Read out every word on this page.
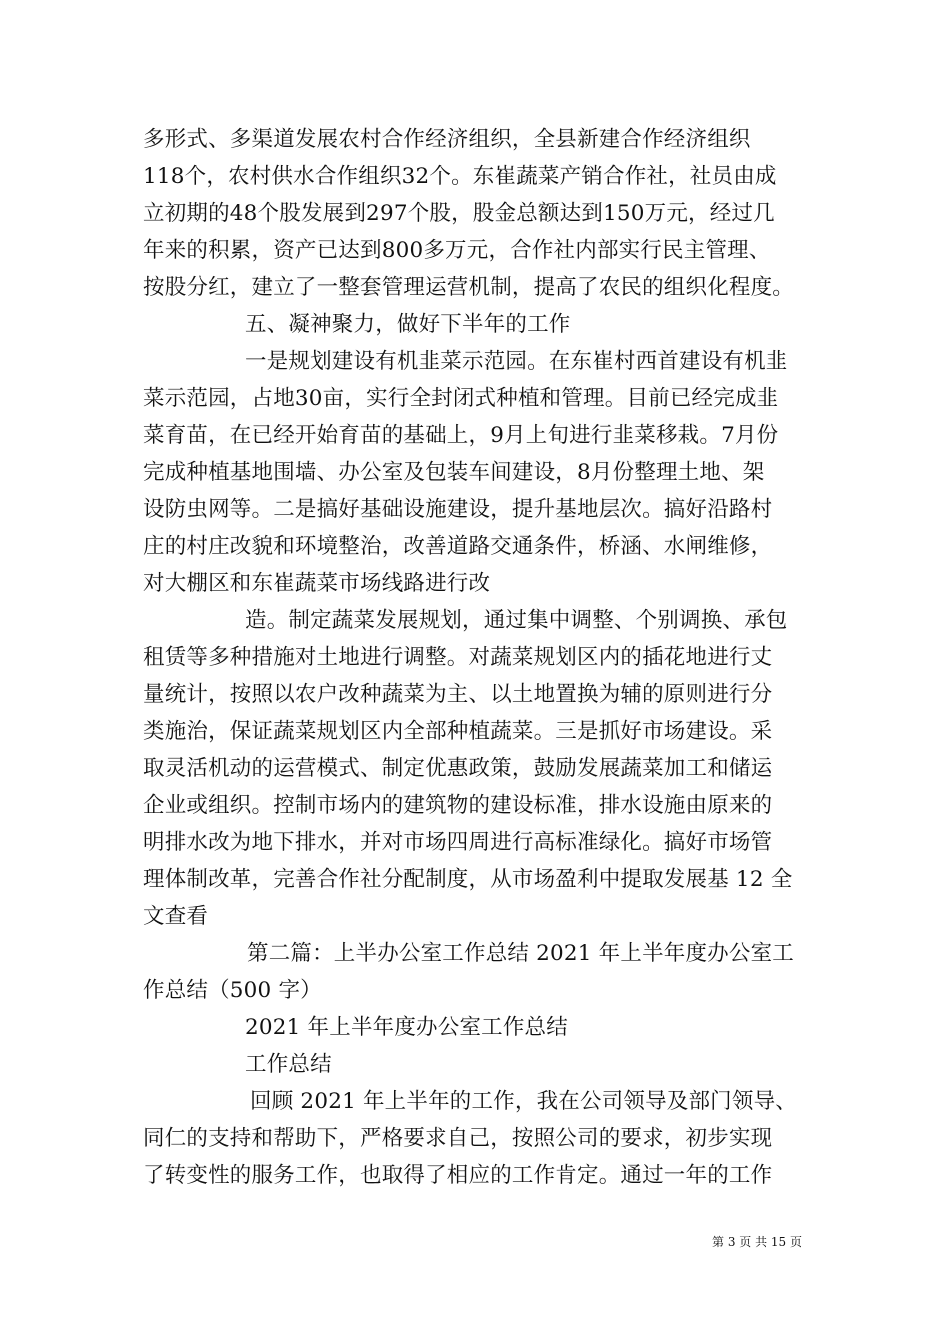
多形式、多渠道发展农村合作经济组织，全县新建合作经济组织
118个，农村供水合作组织32个。东崔蔬菜产销合作社，社员由成
立初期的48个股发展到297个股，股金总额达到150万元，经过几
年来的积累，资产已达到800多万元，合作社内部实行民主管理、
按股分红，建立了一整套管理运营机制，提高了农民的组织化程度。
五、凝神聚力，做好下半年的工作
一是规划建设有机韭菜示范园。在东崔村西首建设有机韭
菜示范园，占地30亩，实行全封闭式种植和管理。目前已经完成韭
菜育苗，在已经开始育苗的基础上，9月上旬进行韭菜移栽。7月份
完成种植基地围墙、办公室及包装车间建设，8月份整理土地、架
设防虫网等。二是搞好基础设施建设，提升基地层次。搞好沿路村
庄的村庄改貌和环境整治，改善道路交通条件，桥涵、水闸维修，
对大棚区和东崔蔬菜市场线路进行改
造。制定蔬菜发展规划，通过集中调整、个别调换、承包
租赁等多种措施对土地进行调整。对蔬菜规划区内的插花地进行丈
量统计，按照以农户改种蔬菜为主、以土地置换为辅的原则进行分
类施治，保证蔬菜规划区内全部种植蔬菜。三是抓好市场建设。采
取灵活机动的运营模式、制定优惠政策，鼓励发展蔬菜加工和储运
企业或组织。控制市场内的建筑物的建设标准，排水设施由原来的
明排水改为地下排水，并对市场四周进行高标准绿化。搞好市场管
理体制改革，完善合作社分配制度，从市场盈利中提取发展基 12 全
文查看
第二篇：上半办公室工作总结 2021 年上半年度办公室工
作总结（500 字）
2021 年上半年度办公室工作总结
工作总结
回顾 2021 年上半年的工作，我在公司领导及部门领导、
同仁的支持和帮助下，严格要求自己，按照公司的要求，初步实现
了转变性的服务工作，也取得了相应的工作肯定。通过一年的工作
第 3 页 共 15 页
